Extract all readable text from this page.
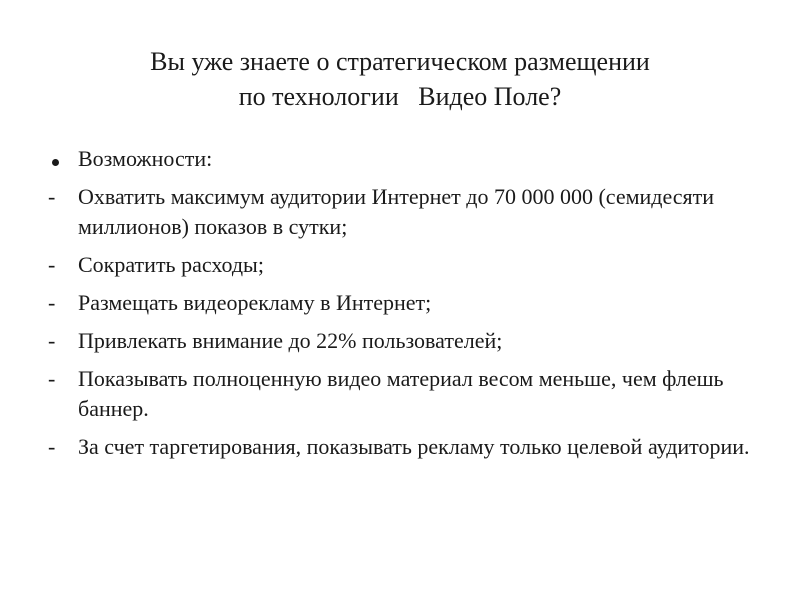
Вы уже знаете о стратегическом размещении
по технологии   Видео Поле?
Возможности:
-	Охватить максимум аудитории Интернет до 70 000 000 (семидесяти миллионов) показов в сутки;
-	Сократить расходы;
-	Размещать видеорекламу в Интернет;
-	Привлекать внимание до 22% пользователей;
-	Показывать полноценную видео материал весом меньше, чем флешь баннер.
-	За счет таргетирования, показывать рекламу только целевой аудитории.
